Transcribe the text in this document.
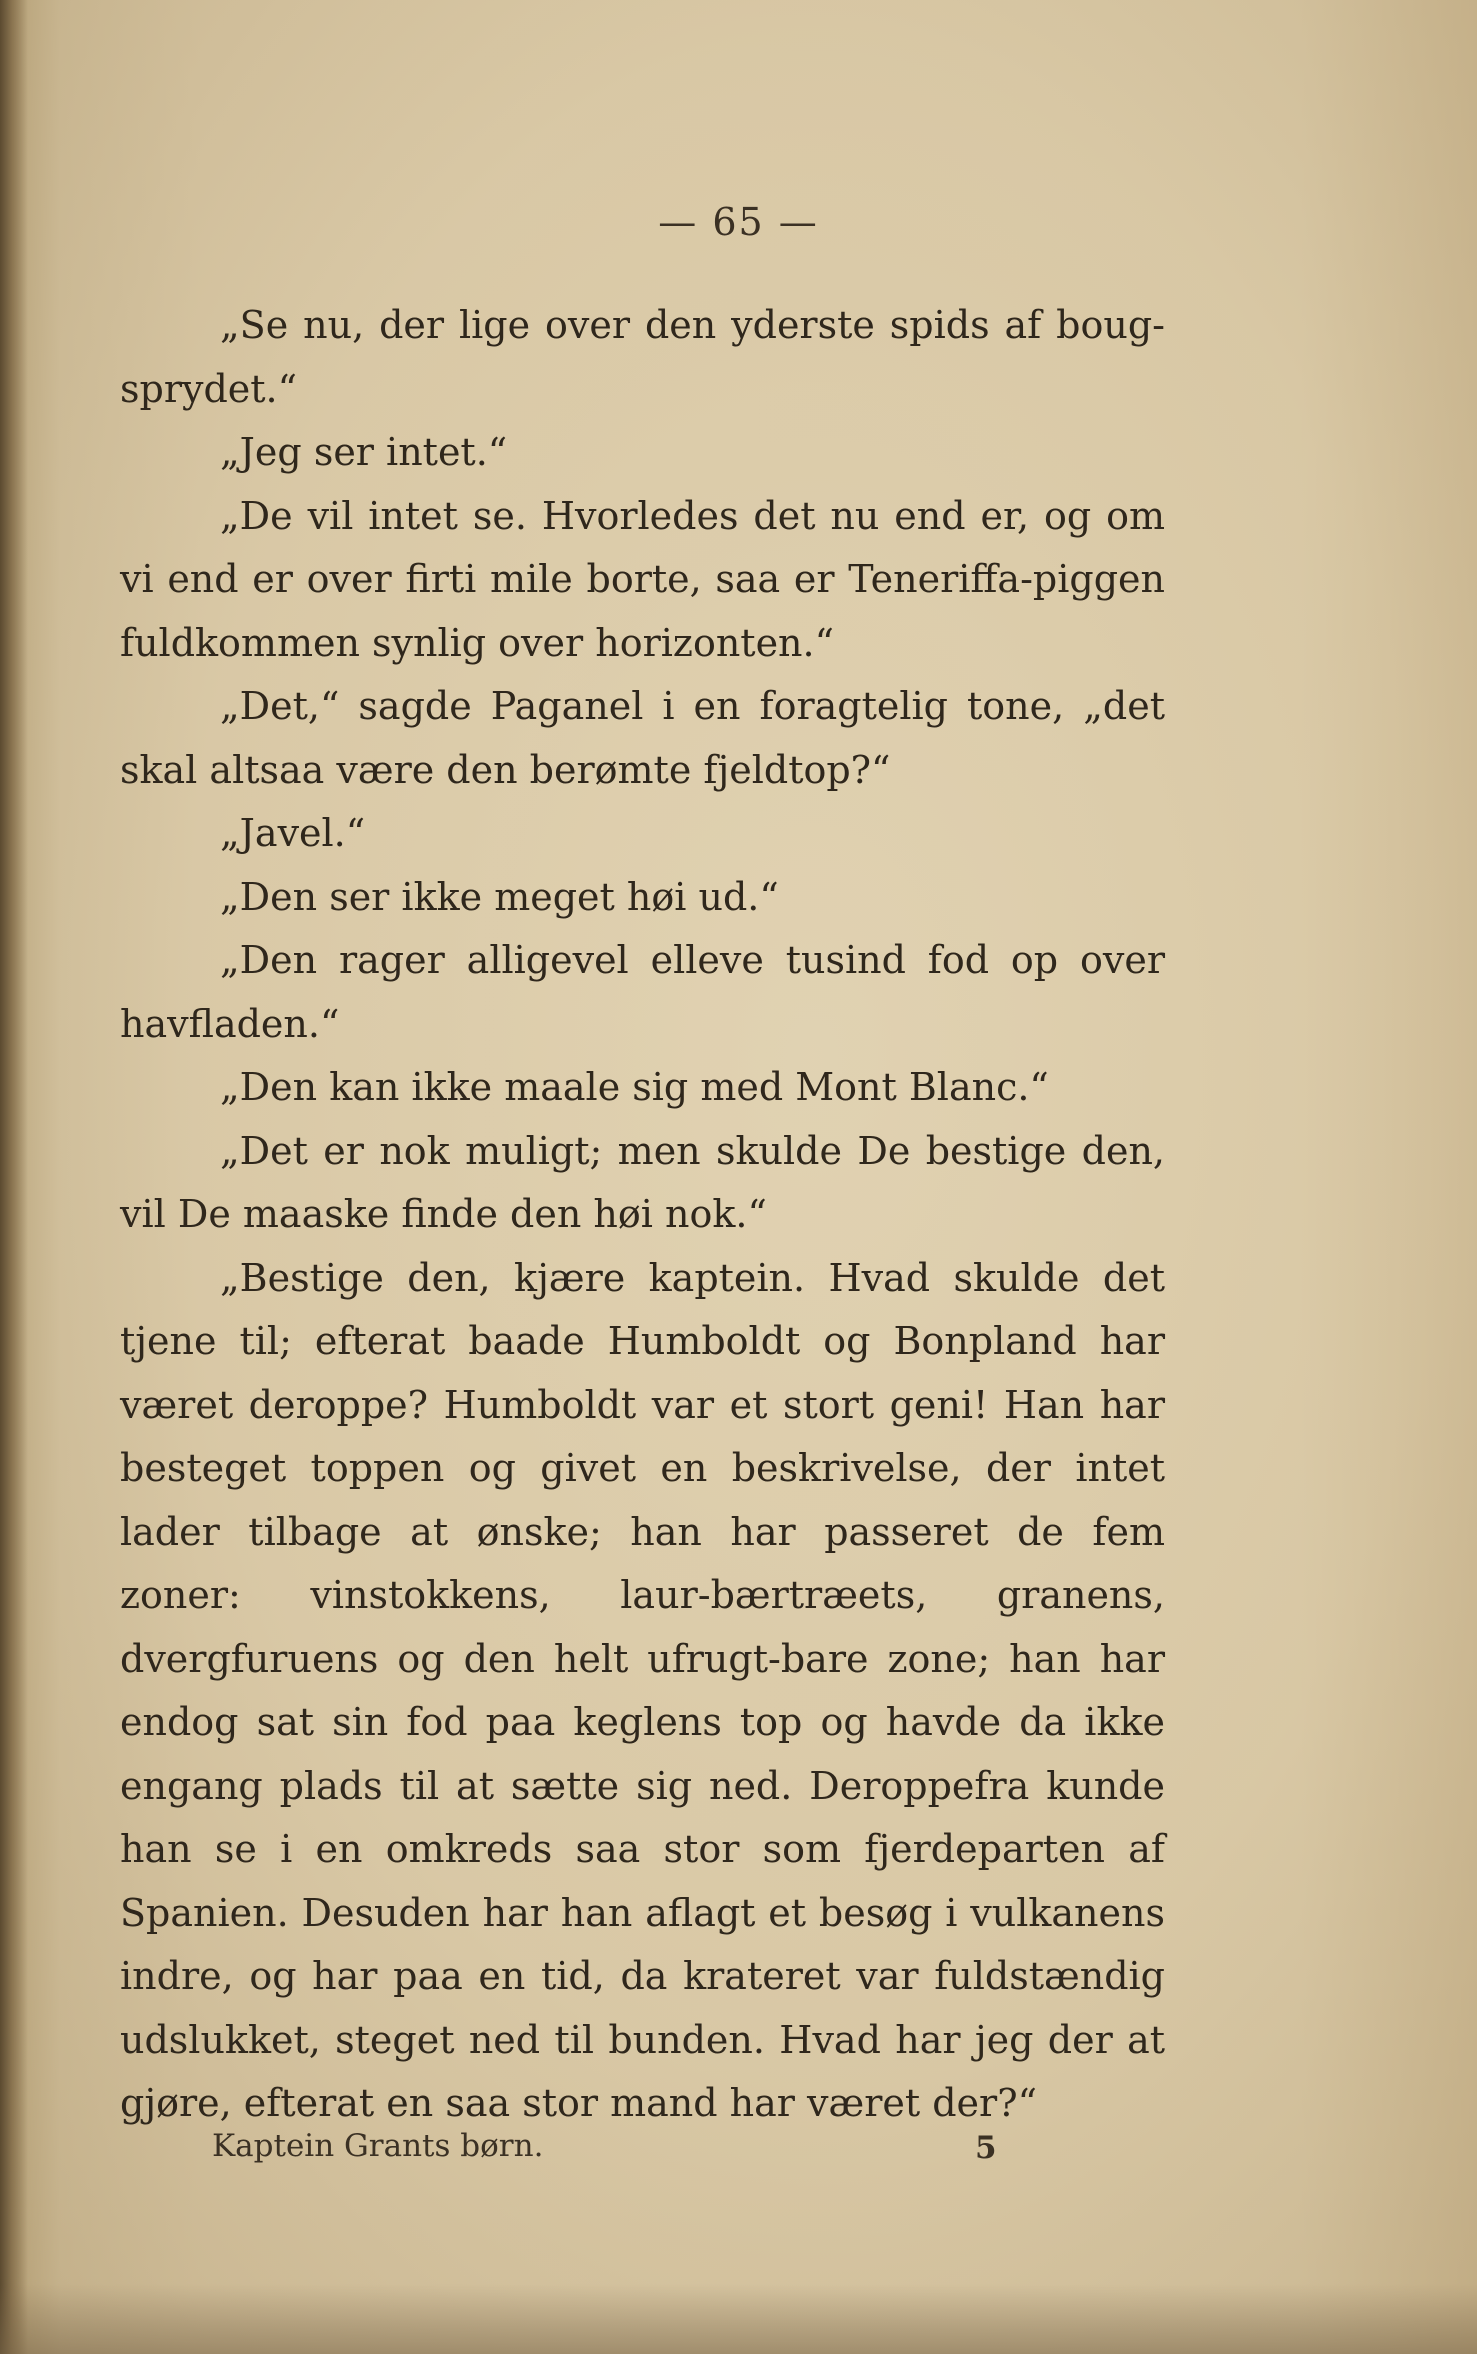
— 65 —

„Se nu, der lige over den yderste spids af boug-sprydet.“

„Jeg ser intet.“

„De vil intet se. Hvorledes det nu end er, og om vi end er over firti mile borte, saa er Teneriffa-piggen fuldkommen synlig over horizonten.“

„Det,“ sagde Paganel i en foragtelig tone, „det skal altsaa være den berømte fjeldtop?“

„Javel.“

„Den ser ikke meget høi ud.“

„Den rager alligevel elleve tusind fod op over havfladen.“

„Den kan ikke maale sig med Mont Blanc.“

„Det er nok muligt; men skulde De bestige den, vil De maaske finde den høi nok.“

„Bestige den, kjære kaptein. Hvad skulde det tjene til; efterat baade Humboldt og Bonpland har været deroppe? Humboldt var et stort geni! Han har besteget toppen og givet en beskrivelse, der intet lader tilbage at ønske; han har passeret de fem zoner: vinstokkens, laur-bærtræets, granens, dvergfuruens og den helt ufrugt-bare zone; han har endog sat sin fod paa keglens top og havde da ikke engang plads til at sætte sig ned. Deroppefra kunde han se i en omkreds saa stor som fjerdeparten af Spanien. Desuden har han aflagt et besøg i vulkanens indre, og har paa en tid, da krateret var fuldstændig udslukket, steget ned til bunden. Hvad har jeg der at gjøre, efterat en saa stor mand har været der?“

Kaptein Grants børn.	5
